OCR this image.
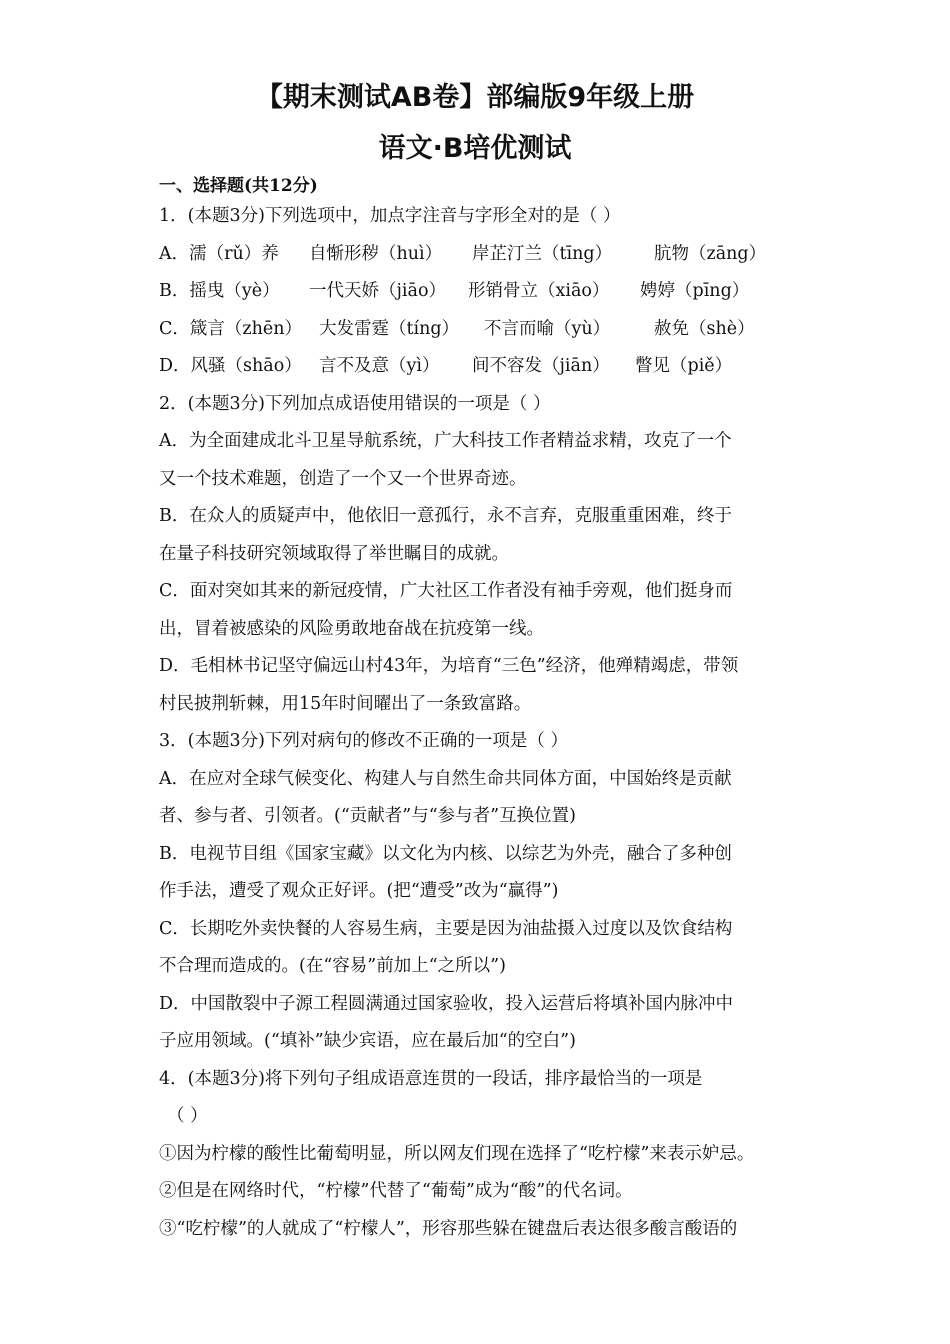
【期末测试AB卷】部编版9年级上册
语文·B培优测试
一、选择题(共12分)
1．(本题3分)下列选项中，加点字注音与字形全对的是（ ）
A．濡（rǔ）养 自惭形秽（huì） 岸芷汀兰（tīng） 肮物（zāng）
B．摇曳（yè） 一代天娇（jiāo） 形销骨立（xiāo） 娉婷（pīng）
C．箴言（zhēn） 大发雷霆（tíng） 不言而喻（yù）	赦免（shè）
D．风骚（shāo） 言不及意（yì） 间不容发（jiān） 瞥见（piě）
2．(本题3分)下列加点成语使用错误的一项是（ ）
A．为全面建成北斗卫星导航系统，广大科技工作者精益求精，攻克了一个
又一个技术难题，创造了一个又一个世界奇迹。
B．在众人的质疑声中，他依旧一意孤行，永不言弃，克服重重困难，终于
在量子科技研究领域取得了举世瞩目的成就。
C．面对突如其来的新冠疫情，广大社区工作者没有袖手旁观，他们挺身而
出，冒着被感染的风险勇敢地奋战在抗疫第一线。
D．毛相林书记坚守偏远山村43年，为培育“三色”经济，他殚精竭虑，带领
村民披荆斩棘，用15年时间曜出了一条致富路。
3．(本题3分)下列对病句的修改不正确的一项是（ ）
A．在应对全球气候变化、构建人与自然生命共同体方面，中国始终是贡献
者、参与者、引领者。(“贡献者”与“参与者”互换位置)
B．电视节目组《国家宝藏》以文化为内核、以综艺为外壳，融合了多种创
作手法，遭受了观众正好评。(把“遭受”改为“赢得”)
C．长期吃外卖快餐的人容易生病，主要是因为油盐摄入过度以及饮食结构
不合理而造成的。(在“容易”前加上“之所以”)
D．中国散裂中子源工程圆满通过国家验收，投入运营后将填补国内脉冲中
子应用领域。(“填补”缺少宾语，应在最后加“的空白”)
4．(本题3分)将下列句子组成语意连贯的一段话，排序最恰当的一项是
（ ）
①因为柠檬的酸性比葡萄明显，所以网友们现在选择了“吃柠檬”来表示妒忌。
②但是在网络时代，“柠檬”代替了“葡萄”成为“酸”的代名词。
③“吃柠檬”的人就成了“柠檬人”，形容那些躲在键盘后表达很多酸言酸语的
